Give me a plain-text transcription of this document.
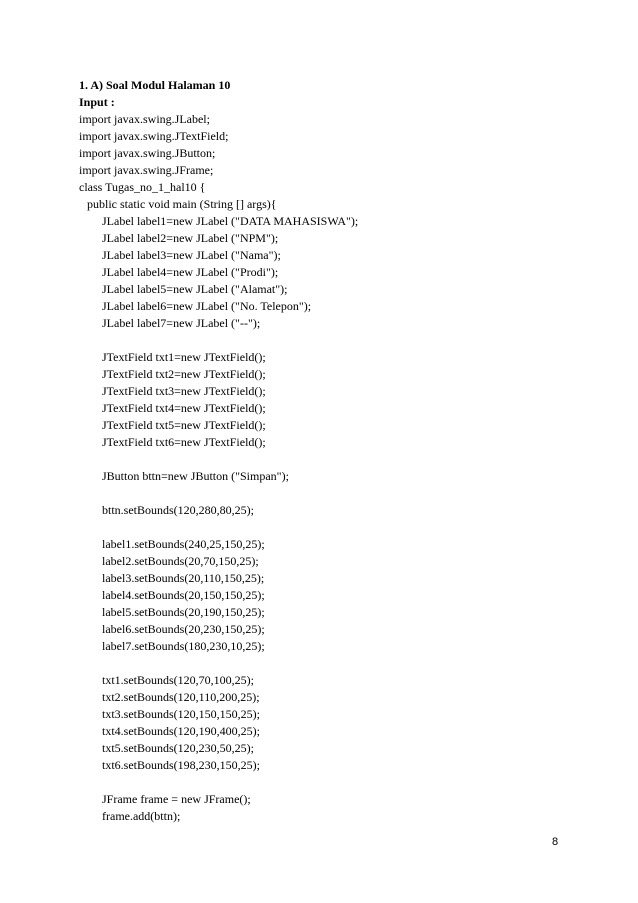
1. A) Soal Modul Halaman 10
Input :
import javax.swing.JLabel;
import javax.swing.JTextField;
import javax.swing.JButton;
import javax.swing.JFrame;
class Tugas_no_1_hal10 {
public static void main (String [] args){
JLabel label1=new JLabel ("DATA MAHASISWA");
JLabel label2=new JLabel ("NPM");
JLabel label3=new JLabel ("Nama");
JLabel label4=new JLabel ("Prodi");
JLabel label5=new JLabel ("Alamat");
JLabel label6=new JLabel ("No. Telepon");
JLabel label7=new JLabel ("--");
JTextField txt1=new JTextField();
JTextField txt2=new JTextField();
JTextField txt3=new JTextField();
JTextField txt4=new JTextField();
JTextField txt5=new JTextField();
JTextField txt6=new JTextField();
JButton bttn=new JButton ("Simpan");
bttn.setBounds(120,280,80,25);
label1.setBounds(240,25,150,25);
label2.setBounds(20,70,150,25);
label3.setBounds(20,110,150,25);
label4.setBounds(20,150,150,25);
label5.setBounds(20,190,150,25);
label6.setBounds(20,230,150,25);
label7.setBounds(180,230,10,25);
txt1.setBounds(120,70,100,25);
txt2.setBounds(120,110,200,25);
txt3.setBounds(120,150,150,25);
txt4.setBounds(120,190,400,25);
txt5.setBounds(120,230,50,25);
txt6.setBounds(198,230,150,25);
JFrame frame = new JFrame();
frame.add(bttn);
8
